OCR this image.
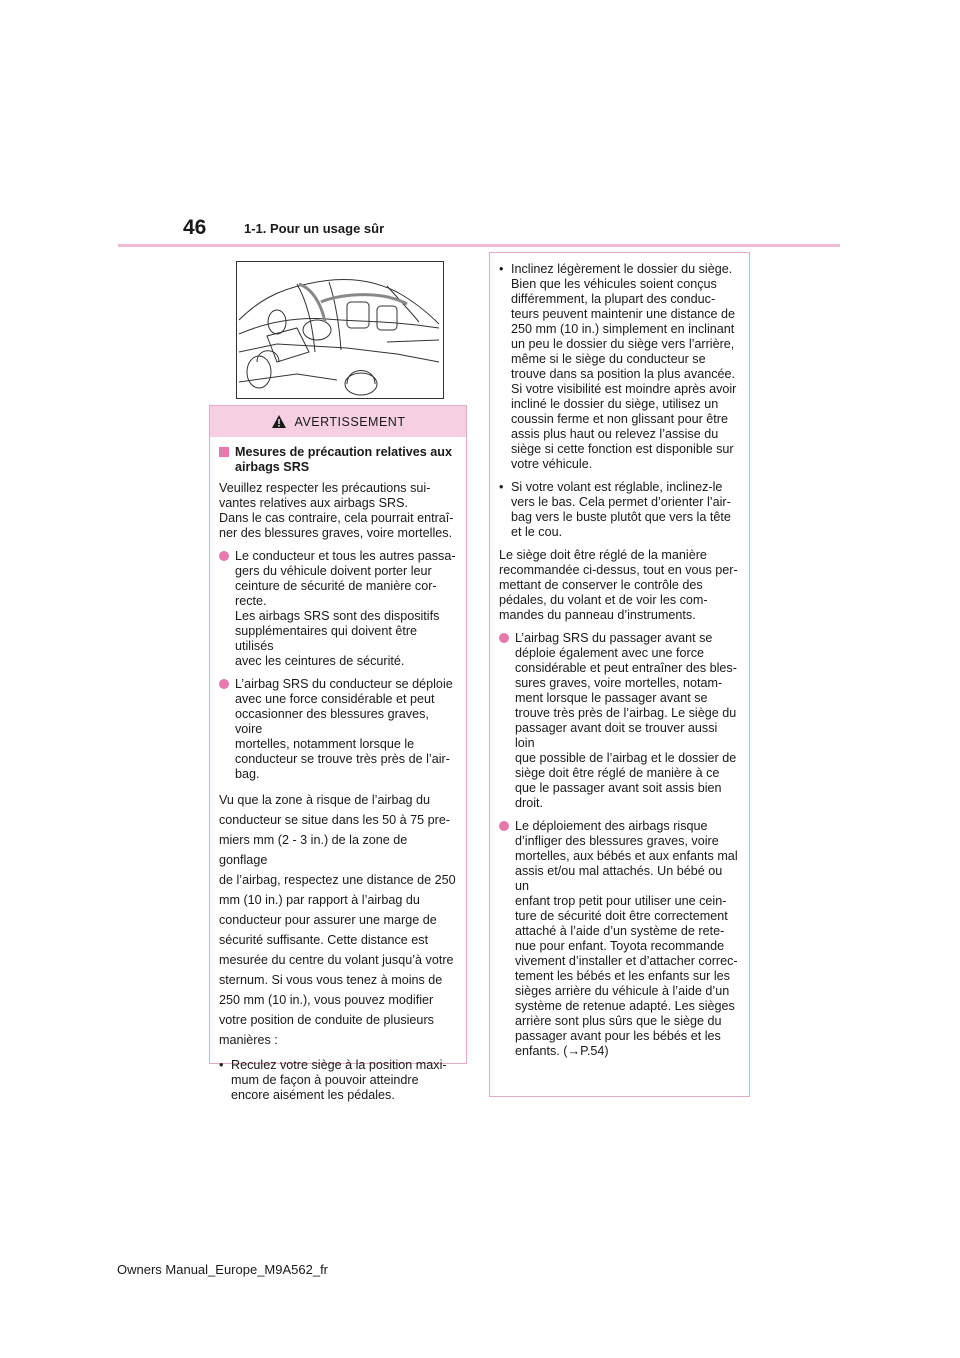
46	1-1. Pour un usage sûr
AVERTISSEMENT
Mesures de précaution relatives aux airbags SRS

Veuillez respecter les précautions sui-
vantes relatives aux airbags SRS.
Dans le cas contraire, cela pourrait entraî-
ner des blessures graves, voire mortelles.

Le conducteur et tous les autres passa-
gers du véhicule doivent porter leur
ceinture de sécurité de manière cor-
recte.
Les airbags SRS sont des dispositifs
supplémentaires qui doivent être utilisés
avec les ceintures de sécurité.
L’airbag SRS du conducteur se déploie
avec une force considérable et peut
occasionner des blessures graves, voire
mortelles, notamment lorsque le
conducteur se trouve très près de l’air-
bag.

Vu que la zone à risque de l’airbag du
conducteur se situe dans les 50 à 75 pre-
miers mm (2 - 3 in.) de la zone de gonflage
de l’airbag, respectez une distance de 250
mm (10 in.) par rapport à l’airbag du
conducteur pour assurer une marge de
sécurité suffisante. Cette distance est
mesurée du centre du volant jusqu’à votre
sternum. Si vous vous tenez à moins de
250 mm (10 in.), vous pouvez modifier
votre position de conduite de plusieurs
manières :

• Reculez votre siège à la position maxi-
mum de façon à pouvoir atteindre
encore aisément les pédales.
• Inclinez légèrement le dossier du siège.
Bien que les véhicules soient conçus
différemment, la plupart des conduc-
teurs peuvent maintenir une distance de
250 mm (10 in.) simplement en inclinant
un peu le dossier du siège vers l’arrière,
même si le siège du conducteur se
trouve dans sa position la plus avancée.
Si votre visibilité est moindre après avoir
incliné le dossier du siège, utilisez un
coussin ferme et non glissant pour être
assis plus haut ou relevez l’assise du
siège si cette fonction est disponible sur
votre véhicule.
• Si votre volant est réglable, inclinez-le
vers le bas. Cela permet d’orienter l’air-
bag vers le buste plutôt que vers la tête
et le cou.

Le siège doit être réglé de la manière
recommandée ci-dessus, tout en vous per-
mettant de conserver le contrôle des
pédales, du volant et de voir les com-
mandes du panneau d’instruments.

L’airbag SRS du passager avant se
déploie également avec une force
considérable et peut entraîner des bles-
sures graves, voire mortelles, notam-
ment lorsque le passager avant se
trouve très près de l’airbag. Le siège du
passager avant doit se trouver aussi loin
que possible de l’airbag et le dossier de
siège doit être réglé de manière à ce
que le passager avant soit assis bien
droit.
Le déploiement des airbags risque
d’infliger des blessures graves, voire
mortelles, aux bébés et aux enfants mal
assis et/ou mal attachés. Un bébé ou un
enfant trop petit pour utiliser une cein-
ture de sécurité doit être correctement
attaché à l’aide d’un système de rete-
nue pour enfant. Toyota recommande
vivement d’installer et d’attacher correc-
tement les bébés et les enfants sur les
sièges arrière du véhicule à l’aide d’un
système de retenue adapté. Les sièges
arrière sont plus sûrs que le siège du
passager avant pour les bébés et les
enfants. (→P.54)
Owners Manual_Europe_M9A562_fr
